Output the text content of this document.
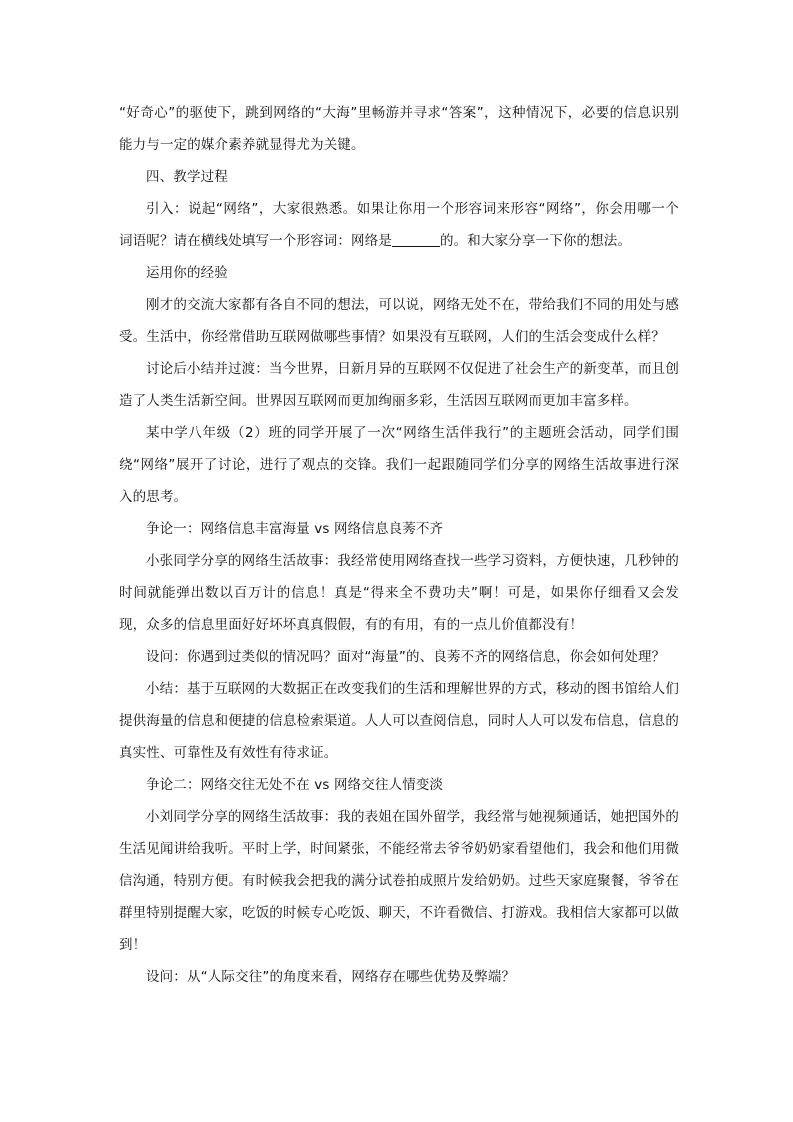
“好奇心”的驱使下，跳到网络的“大海”里畅游并寻求“答案”，这种情况下，必要的信息识别能力与一定的媒介素养就显得尤为关键。

四、教学过程

引入：说起“网络”，大家很熟悉。如果让你用一个形容词来形容“网络”，你会用哪一个词语呢？请在横线处填写一个形容词：网络是	的。和大家分享一下你的想法。

运用你的经验

刚才的交流大家都有各自不同的想法，可以说，网络无处不在，带给我们不同的用处与感受。生活中，你经常借助互联网做哪些事情？如果没有互联网，人们的生活会变成什么样？

讨论后小结并过渡：当今世界，日新月异的互联网不仅促进了社会生产的新变革，而且创造了人类生活新空间。世界因互联网而更加绚丽多彩，生活因互联网而更加丰富多样。

某中学八年级（2）班的同学开展了一次“网络生活伴我行”的主题班会活动，同学们围绕“网络”展开了讨论，进行了观点的交锋。我们一起跟随同学们分享的网络生活故事进行深入的思考。

争论一：网络信息丰富海量 vs 网络信息良莠不齐

小张同学分享的网络生活故事：我经常使用网络查找一些学习资料，方便快速，几秒钟的时间就能弹出数以百万计的信息！真是“得来全不费功夫”啊！可是，如果你仔细看又会发现，众多的信息里面好好坏坏真真假假，有的有用，有的一点儿价值都没有！

设问：你遇到过类似的情况吗？面对“海量”的、良莠不齐的网络信息，你会如何处理？

小结：基于互联网的大数据正在改变我们的生活和理解世界的方式，移动的图书馆给人们提供海量的信息和便捷的信息检索渠道。人人可以查阅信息，同时人人可以发布信息，信息的真实性、可靠性及有效性有待求证。

争论二：网络交往无处不在 vs 网络交往人情变淡

小刘同学分享的网络生活故事：我的表姐在国外留学，我经常与她视频通话，她把国外的生活见闻讲给我听。平时上学，时间紧张，不能经常去爷爷奶奶家看望他们，我会和他们用微信沟通，特别方便。有时候我会把我的满分试卷拍成照片发给奶奶。过些天家庭聚餐，爷爷在群里特别提醒大家，吃饭的时候专心吃饭、聊天，不许看微信、打游戏。我相信大家都可以做到！

设问：从“人际交往”的角度来看，网络存在哪些优势及弊端？
